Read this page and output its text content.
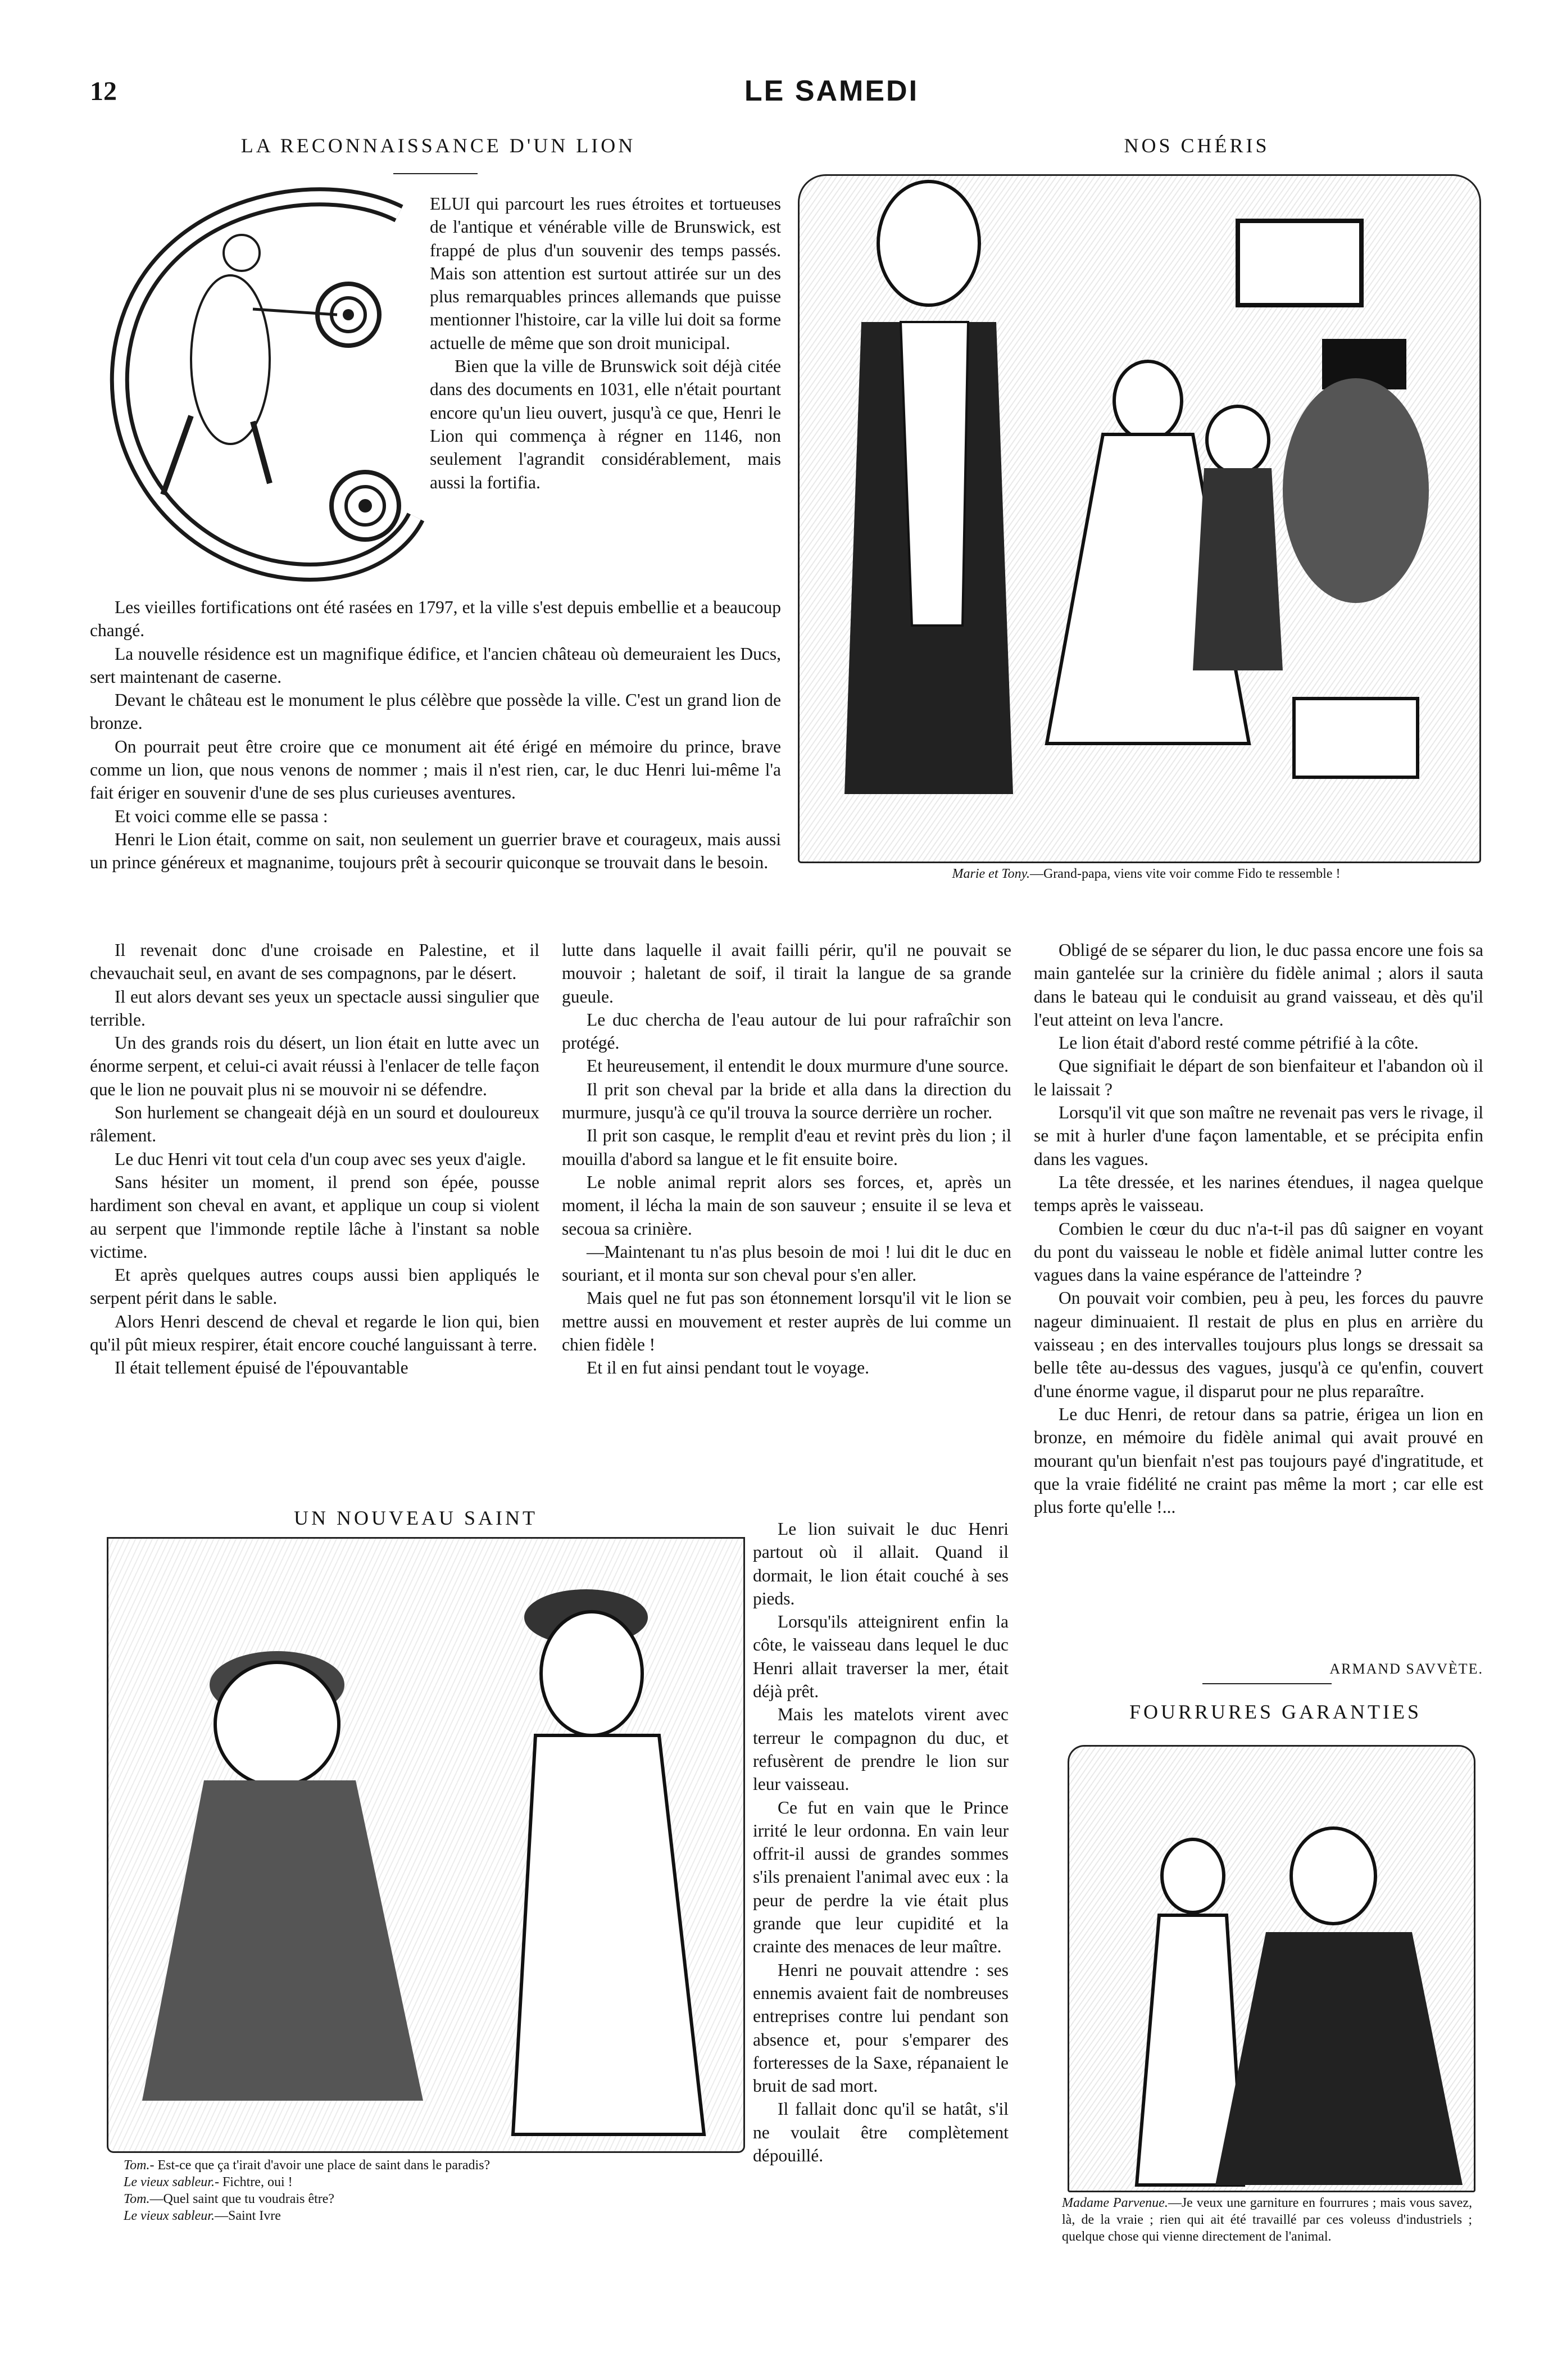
12	LE SAMEDI
LA RECONNAISSANCE D'UN LION

ELUI qui parcourt les rues étroites et tortueuses de l'antique et vénérable ville de Brunswick, est frappé de plus d'un souvenir des temps passés. Mais son attention est surtout attirée sur un des plus remarquables princes allemands que puisse mentionner l'histoire, car la ville lui doit sa forme actuelle de même que son droit municipal.

Bien que la ville de Brunswick soit déjà citée dans des documents en 1031, elle n'était pourtant encore qu'un lieu ouvert, jusqu'à ce que, Henri le Lion qui commença à régner en 1146, non seulement l'agrandit considérablement, mais aussi la fortifia.

Les vieilles fortifications ont été rasées en 1797, et la ville s'est depuis embellie et a beaucoup changé.

La nouvelle résidence est un magnifique édifice, et l'ancien château où demeuraient les Ducs, sert maintenant de caserne.

Devant le château est le monument le plus célèbre que possède la ville. C'est un grand lion de bronze.

On pourrait peut être croire que ce monument ait été érigé en mémoire du prince, brave comme un lion, que nous venons de nommer ; mais il n'est rien, car, le duc Henri lui-même l'a fait ériger en souvenir d'une de ses plus curieuses aventures.

Et voici comme elle se passa :

Henri le Lion était, comme on sait, non seulement un guerrier brave et courageux, mais aussi un prince généreux et magnanime, toujours prêt à secourir quiconque se trouvait dans le besoin.

Il revenait donc d'une croisade en Palestine, et il chevauchait seul, en avant de ses compagnons, par le désert.

Il eut alors devant ses yeux un spectacle aussi singulier que terrible.

Un des grands rois du désert, un lion était en lutte avec un énorme serpent, et celui-ci avait réussi à l'enlacer de telle façon que le lion ne pouvait plus ni se mouvoir ni se défendre.

Son hurlement se changeait déjà en un sourd et douloureux râlement.

Le duc Henri vit tout cela d'un coup avec ses yeux d'aigle.

Sans hésiter un moment, il prend son épée, pousse hardiment son cheval en avant, et applique un coup si violent au serpent que l'immonde reptile lâche à l'instant sa noble victime.

Et après quelques autres coups aussi bien appliqués le serpent périt dans le sable.

Alors Henri descend de cheval et regarde le lion qui, bien qu'il pût mieux respirer, était encore couché languissant à terre.

Il était tellement épuisé de l'épouvantable

lutte dans laquelle il avait failli périr, qu'il ne pouvait se mouvoir ; haletant de soif, il tirait la langue de sa grande gueule.

Le duc chercha de l'eau autour de lui pour rafraîchir son protégé.

Et heureusement, il entendit le doux murmure d'une source.

Il prit son cheval par la bride et alla dans la direction du murmure, jusqu'à ce qu'il trouva la source derrière un rocher.

Il prit son casque, le remplit d'eau et revint près du lion ; il mouilla d'abord sa langue et le fit ensuite boire.

Le noble animal reprit alors ses forces, et, après un moment, il lécha la main de son sauveur ; ensuite il se leva et secoua sa crinière.

—Maintenant tu n'as plus besoin de moi ! lui dit le duc en souriant, et il monta sur son cheval pour s'en aller.

Mais quel ne fut pas son étonnement lorsqu'il vit le lion se mettre aussi en mouvement et rester auprès de lui comme un chien fidèle !

Et il en fut ainsi pendant tout le voyage.

Le lion suivait le duc Henri partout où il allait. Quand il dormait, le lion était couché à ses pieds.

Lorsqu'ils atteignirent enfin la côte, le vaisseau dans lequel le duc Henri allait traverser la mer, était déjà prêt.

Mais les matelots virent avec terreur le compagnon du duc, et refusèrent de prendre le lion sur leur vaisseau.

Ce fut en vain que le Prince irrité le leur ordonna. En vain leur offrit-il aussi de grandes sommes s'ils prenaient l'animal avec eux : la peur de perdre la vie était plus grande que leur cupidité et la crainte des menaces de leur maître.

Henri ne pouvait attendre : ses ennemis avaient fait de nombreuses entreprises contre lui pendant son absence et, pour s'emparer des forteresses de la Saxe, répanaient le bruit de sad mort.

Il fallait donc qu'il se hatât, s'il ne voulait être complètement dépouillé.

Obligé de se séparer du lion, le duc passa encore une fois sa main gantelée sur la crinière du fidèle animal ; alors il sauta dans le bateau qui le conduisit au grand vaisseau, et dès qu'il l'eut atteint on leva l'ancre.

Le lion était d'abord resté comme pétrifié à la côte.

Que signifiait le départ de son bienfaiteur et l'abandon où il le laissait ?

Lorsqu'il vit que son maître ne revenait pas vers le rivage, il se mit à hurler d'une façon lamentable, et se précipita enfin dans les vagues.

La tête dressée, et les narines étendues, il nagea quelque temps après le vaisseau.

Combien le cœur du duc n'a-t-il pas dû saigner en voyant du pont du vaisseau le noble et fidèle animal lutter contre les vagues dans la vaine espérance de l'atteindre ?

On pouvait voir combien, peu à peu, les forces du pauvre nageur diminuaient. Il restait de plus en plus en arrière du vaisseau ; en des intervalles toujours plus longs se dressait sa belle tête au-dessus des vagues, jusqu'à ce qu'enfin, couvert d'une énorme vague, il disparut pour ne plus reparaître.

Le duc Henri, de retour dans sa patrie, érigea un lion en bronze, en mémoire du fidèle animal qui avait prouvé en mourant qu'un bienfait n'est pas toujours payé d'ingratitude, et que la vraie fidélité ne craint pas même la mort ; car elle est plus forte qu'elle !...

ARMAND SAVVÈTE.
NOS CHÉRIS
Marie et Tony.—Grand-papa, viens vite voir comme Fido te ressemble !
UN NOUVEAU SAINT
Tom.- Est-ce que ça t'irait d'avoir une place de saint dans le paradis?
Le vieux sableur.- Fichtre, oui !
Tom.—Quel saint que tu voudrais être?
Le vieux sableur.—Saint Ivre
FOURRURES GARANTIES
Madame Parvenue.—Je veux une garniture en fourrures ; mais vous savez, là, de la vraie ; rien qui ait été travaillé par ces voleuss d'industriels ; quelque chose qui vienne directement de l'animal.
